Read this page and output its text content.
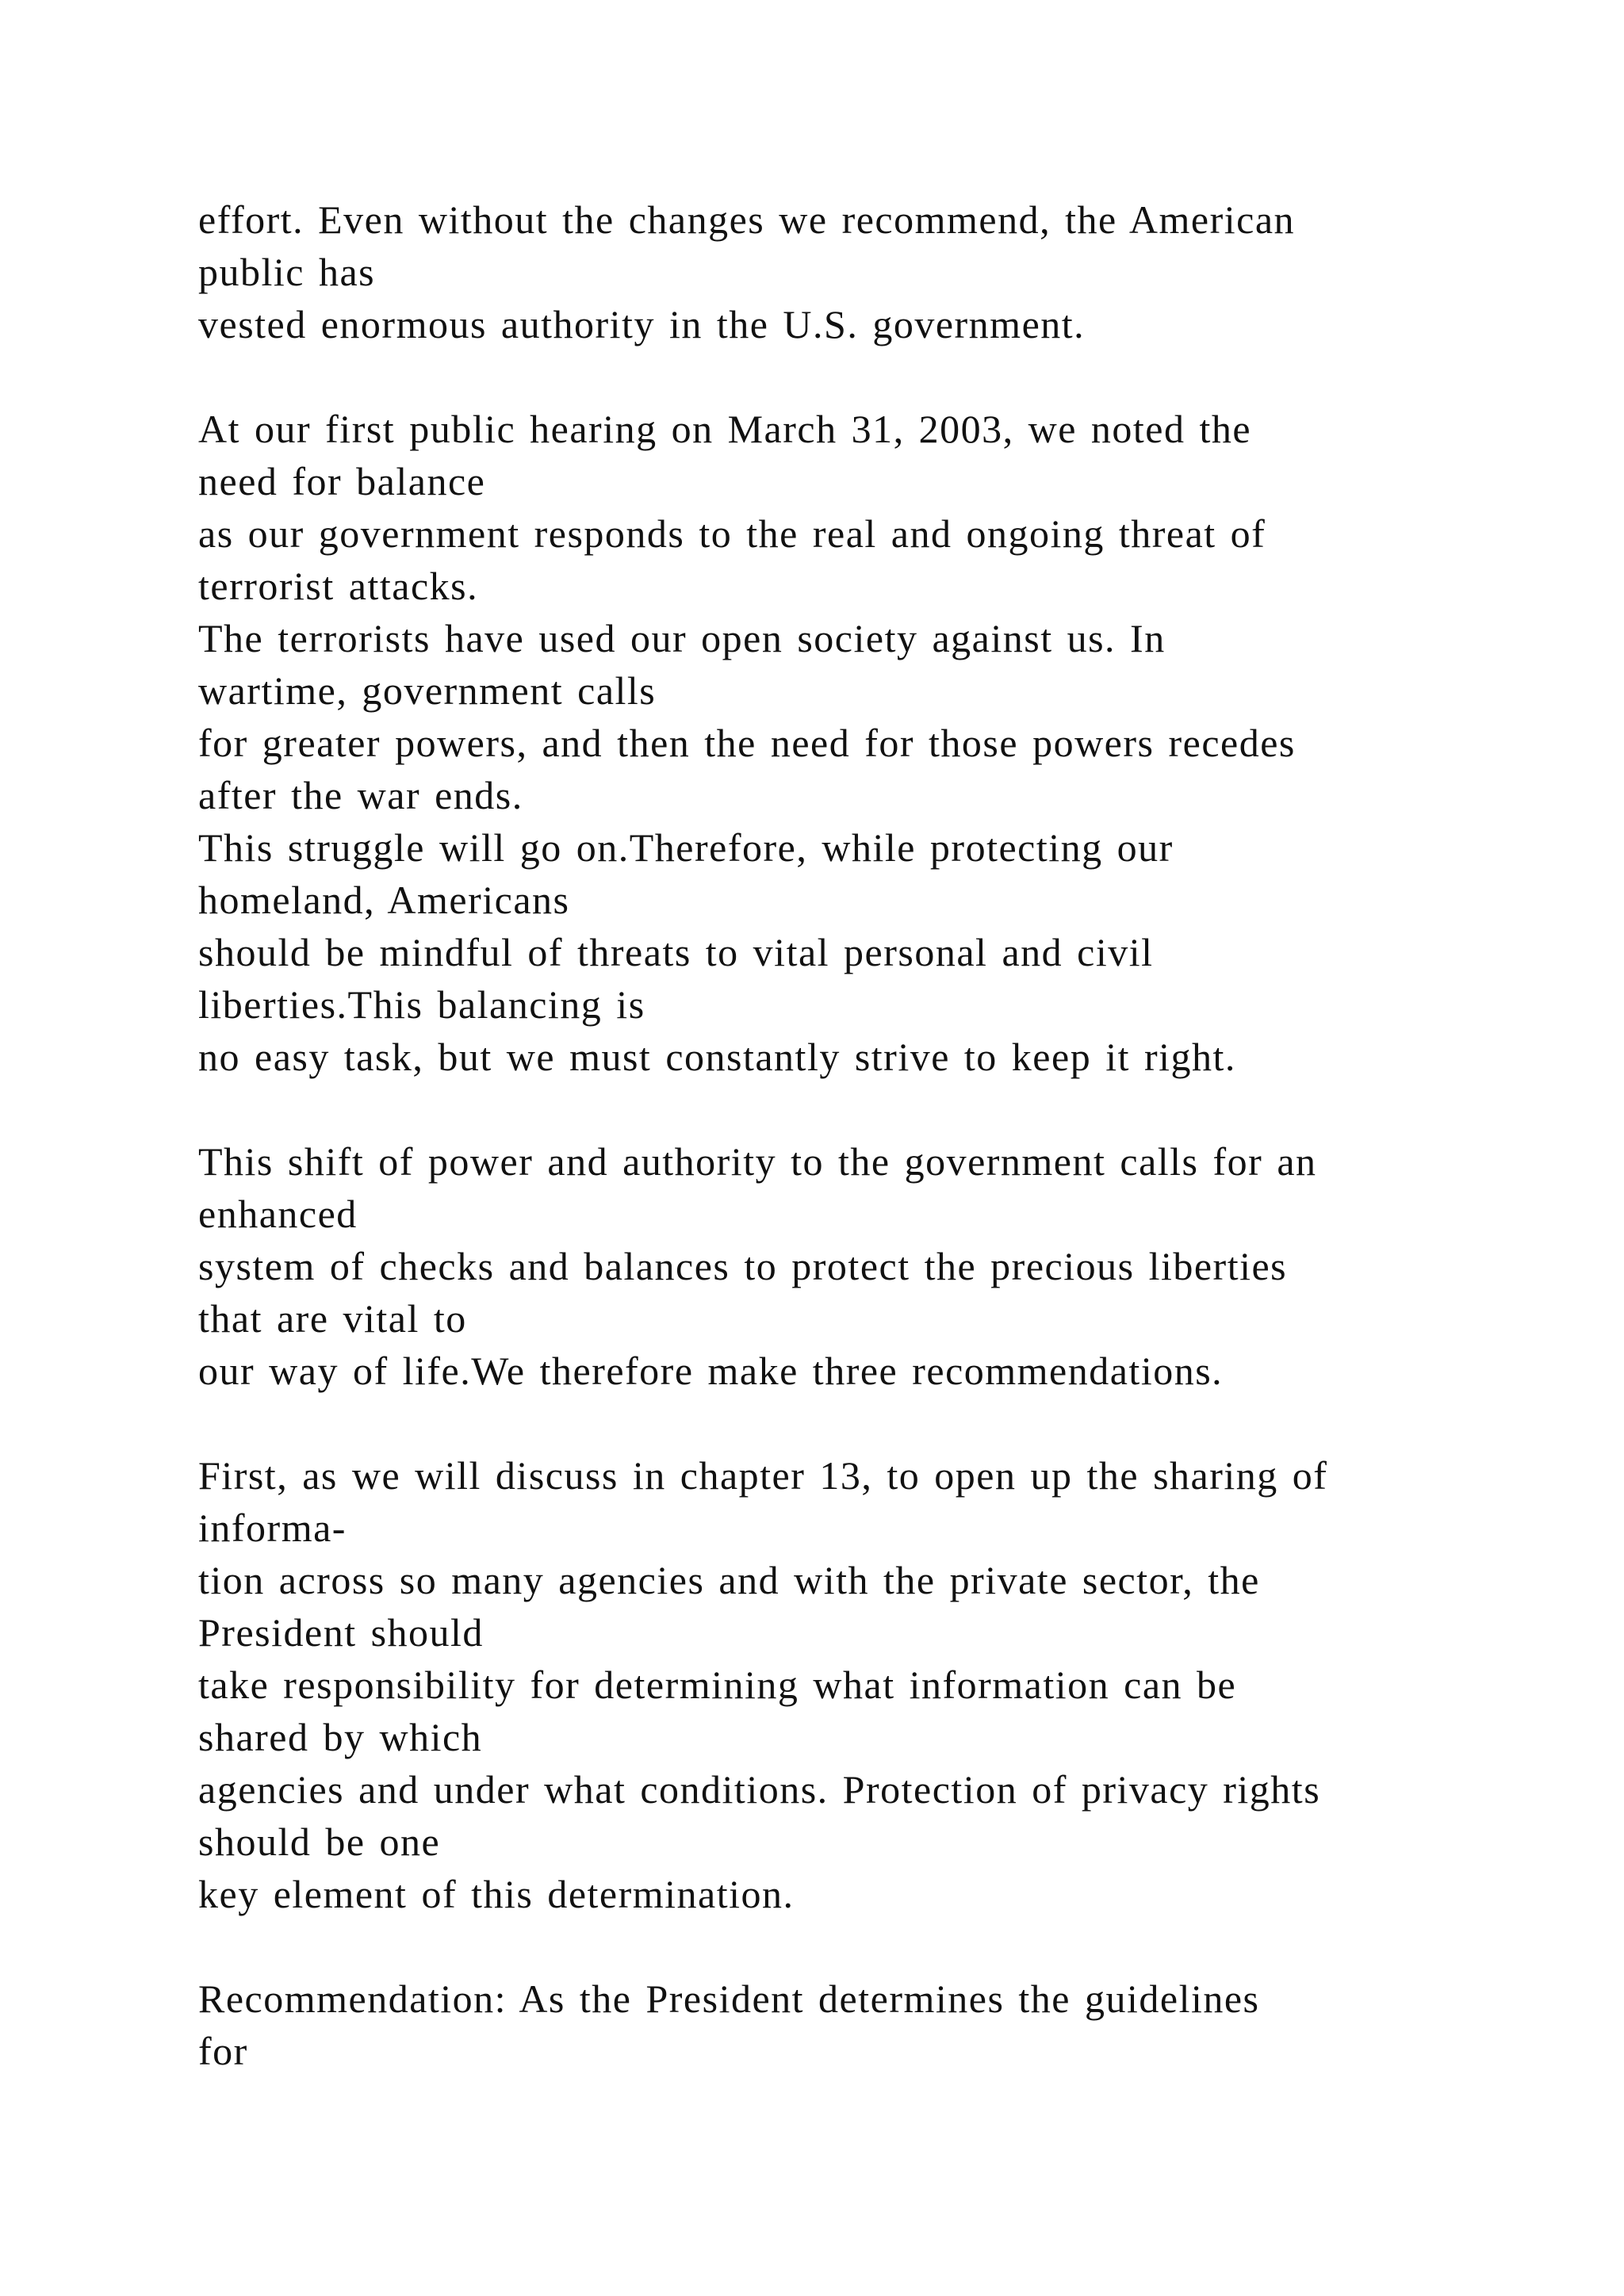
effort. Even without the changes we recommend, the American
public has
vested enormous authority in the U.S. government.
At our first public hearing on March 31, 2003, we noted the
need for balance
as our government responds to the real and ongoing threat of
terrorist attacks.
The terrorists have used our open society against us. In
wartime, government calls
for greater powers, and then the need for those powers recedes
after the war ends.
This struggle will go on.Therefore, while protecting our
homeland, Americans
should be mindful of threats to vital personal and civil
liberties.This balancing is
no easy task, but we must constantly strive to keep it right.
This shift of power and authority to the government calls for an
enhanced
system of checks and balances to protect the precious liberties
that are vital to
our way of life.We therefore make three recommendations.
First, as we will discuss in chapter 13, to open up the sharing of
informa-
tion across so many agencies and with the private sector, the
President should
take responsibility for determining what information can be
shared by which
agencies and under what conditions. Protection of privacy rights
should be one
key element of this determination.
Recommendation: As the President determines the guidelines
for
